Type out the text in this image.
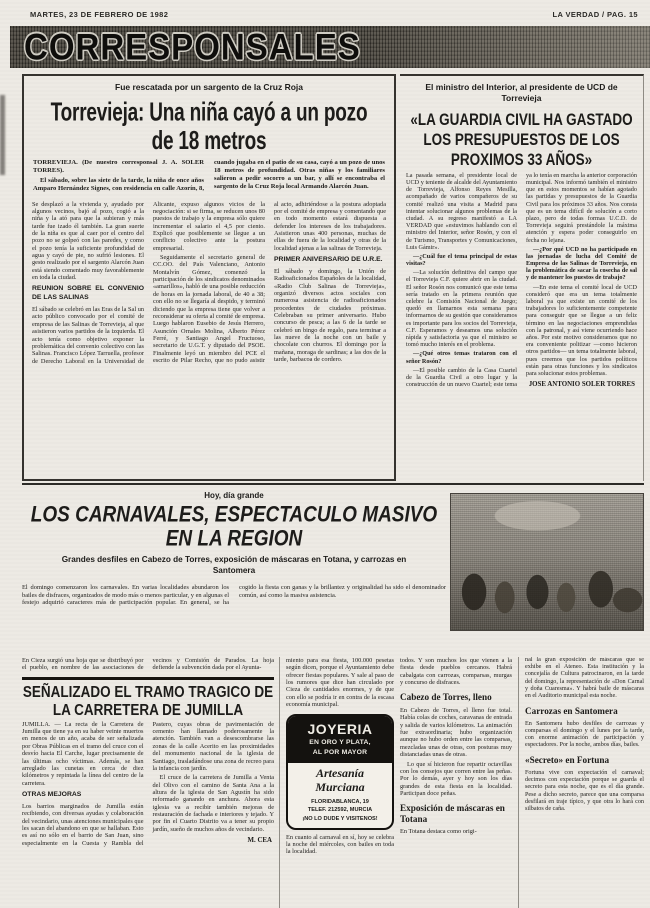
MARTES, 23 DE FEBRERO DE 1982	LA VERDAD / PAG. 15
CORRESPONSALES
Fue rescatada por un sargento de la Cruz Roja
Torrevieja: Una niña cayó a un pozo de 18 metros

TORREVIEJA. (De nuestro corresponsal J. A. SOLER TORRES).

El sábado, sobre las siete de la tarde, la niña de once años Amparo Hernández Signes, con residencia en calle Azorín, 8, cuando jugaba en el patio de su casa, cayó a un pozo de unos 18 metros de profundidad. Otras niñas y los familiares salieron a pedir socorro a un bar, y allí se encontraba el sargento de la Cruz Roja local Armando Alarcón Juan.

Se desplazó a la vivienda y, ayudado por algunos vecinos, bajó al pozo, cogió a la niña y la ató para que la subieran y más tarde fue izado él también. La gran suerte de la niña es que al caer por el centro del pozo no se golpeó con las paredes, y como el pozo tenía la suficiente profundidad de agua y cayó de pie, no sufrió lesiones. El gesto realizado por el sargento Alarcón Juan está siendo comentado muy favorablemente en toda la ciudad.

REUNION SOBRE EL CONVENIO DE LAS SALINAS

El sábado se celebró en las Eras de la Sal un acto público convocado por el comité de empresa de las Salinas de Torrevieja, al que asistieron varios partidos de la izquierda. El acto tenía como objetivo exponer la problemática del convenio colectivo con las Salinas. Francisco López Tarruella, profesor de Derecho Laboral en la Universidad de Alicante, expuso algunos vicios de la negociación: si se firma, se reducen unos 80 puestos de trabajo y la empresa sólo quiere incrementar el salario el 4,5 por ciento. Explicó que posiblemente se llegue a un conflicto colectivo ante la postura empresarial.

Seguidamente el secretario general de CC.OO. del País Valenciano, Antonio Montalvín Gómez, comenzó la participación de los sindicatos denominados «amarillos», habló de una posible reducción de horas en la jornada laboral, de 40 a 38; con ello no se llegaría al despido, y terminó diciendo que la empresa tiene que volver a reconsiderar su oferta al comité de empresa. Luego hablaron Eusebio de Jesús Herrero, Asunción Ornales Molina, Alberto Pérez Ferré, y Santiago Angel Fructuoso, secretario de U.G.T. y diputado del PSOE. Finalmente leyó un miembro del PCE el escrito de Pilar Recho, que no pudo asistir al acto, adhiriéndose a la postura adoptada por el comité de empresa y comentando que en todo momento estará dispuesta a defender los intereses de los trabajadores. Asistieron unas 400 personas, muchas de ellas de fuera de la localidad y otras de la localidad ajenas a las salinas de Torrevieja.

PRIMER ANIVERSARIO DE U.R.E.

El sábado y domingo, la Unión de Radioaficionados Españoles de la localidad, «Radio Club Salinas de Torrevieja», organizó diversos actos sociales con numerosa asistencia de radioaficionados procedentes de ciudades próximas. Celebraban su primer aniversario. Hubo concurso de pesca; a las 6 de la tarde se celebró un bingo de regalo, para terminar a las nueve de la noche con un baile y chocolate con churros. El domingo por la mañana, moraga de sardinas; a las dos de la tarde, barbacoa de cordero.

El ministro del Interior, al presidente de UCD de Torrevieja
«LA GUARDIA CIVIL HA GASTADO LOS PRESUPUESTOS DE LOS PROXIMOS 33 AÑOS»

La pasada semana, el presidente local de UCD y teniente de alcalde del Ayuntamiento de Torrevieja, Alfonso Reyes Mesilla, acompañado de varios compañeros de su comité realizó una visita a Madrid para intentar solucionar algunos problemas de la ciudad. A su regreso manifestó a LA VERDAD que «estuvimos hablando con el ministro del Interior, señor Rosón, y con el de Turismo, Transportes y Comunicaciones, Luis Gámir».

—¿Cuál fue el tema principal de estas visitas?

—La solución definitiva del campo que el Torrevieja C.F. quiere abrir en la ciudad. El señor Rosón nos comunicó que este tema sería tratado en la primera reunión que celebre la Comisión Nacional de Juego; quedó en llamarnos esta semana para informarnos de su gestión que consideramos es importante para los socios del Torrevieja, C.F. Esperamos y deseamos una solución rápida y satisfactoria ya que el ministro se tomó mucho interés en el problema.

—¿Qué otros temas trataron con el señor Rosón?

—El posible cambio de la Casa Cuartel de la Guardia Civil a otro lugar y la construcción de un nuevo Cuartel; este tema ya lo tenía en marcha la anterior corporación municipal. Nos informó también el ministro que en estos momentos se habían agotado las partidas y presupuestos de la Guardia Civil para los próximos 33 años. Nos consta que es un tema difícil de solución a corto plazo, pero de todas formas U.C.D. de Torrevieja seguirá prestándole la máxima atención y espera poder conseguirlo en fecha no lejana.

—¿Por qué UCD no ha participado en las jornadas de lucha del Comité de Empresa de las Salinas de Torrevieja, en la problemática de sacar la cosecha de sal y de mantener los puestos de trabajo?

—En este tema el comité local de UCD consideró que era un tema totalmente laboral ya que existe un comité de los trabajadores lo suficientemente competente para conseguir que se llegue a un feliz término en las negociaciones emprendidas con la patronal, y así viene ocurriendo hace años. Por este motivo consideramos que no era conveniente politizar —como hicieron otros partidos— un tema totalmente laboral, pues creemos que los partidos políticos están para otras funciones y los sindicatos para solucionar estos problemas.

JOSE ANTONIO SOLER TORRES
Hoy, día grande
LOS CARNAVALES, ESPECTACULO MASIVO EN LA REGION
Grandes desfiles en Cabezo de Torres, exposición de máscaras en Totana, y carrozas en Santomera

El domingo comenzaron los carnavales. En varias localidades abundaron los bailes de disfraces, organizados de modo más o menos particular, y en algunas el festejo adquirió caracteres más de participación popular. En general, se ha cogido la fiesta con ganas y la brillantez y originalidad ha sido el denominador común, así como la masiva asistencia.

En Cieza surgió una hoja que se distribuyó por el pueblo, en nombre de las asociaciones de vecinos y Comisión de Parados. La hoja defiende la subvención dada por el Ayunta-

SEÑALIZADO EL TRAMO TRAGICO DE LA CARRETERA DE JUMILLA

JUMILLA. — La recta de la Carretera de Jumilla que tiene ya en su haber veinte muertos en menos de un año, acaba de ser señalizada por Obras Públicas en el tramo del cruce con el desvío hacia El Carche, lugar precisamente de las últimas ocho víctimas. Además, se han arreglado las cunetas en cerca de diez kilómetros y repintada la línea del centro de la carretera.

OTRAS MEJORAS

Los barrios marginados de Jumilla están recibiendo, con diversas ayudas y colaboración del vecindario, unas atenciones municipales que les sacan del abandono en que se hallaban. Esto es así no sólo en el barrio de San Juan, sino especialmente en la Cuesta y Rambla del Pastero, cuyas obras de pavimentación de cemento han llamado poderosamente la atención. También van a desescombrarse las zonas de la calle Acerito en las proximidades del monumento nacional de la iglesia de Santiago, trasladándose una zona de recreo para la infancia con jardín.

El cruce de la carretera de Jumilla a Venta del Olivo con el camino de Santa Ana a la altura de la iglesia de San Agustín ha sido reformado ganando en anchura. Ahora esta iglesia va a recibir también mejoras de restauración de fachada e interiores y tejado. Y por fin el Cuarto Distrito va a tener su propio jardín, sueño de muchos años de vecindario.

M. CEA

miento para esa fiesta, 100.000 pesetas según dicen, porque el Ayuntamiento debe ofrecer fiestas populares. Y sale al paso de los rumores que dice han circulado por Cieza de cantidades enormes, y de que con ello se podría ir en contra de la escasa economía municipal.

JOYERIA
EN ORO Y PLATA,
AL POR MAYOR
Artesanía
Murciana
FLORIDABLANCA, 19
TELEF. 212592, MURCIA
¡NO LO DUDE Y VISITENOS!

En cuanto al carnaval en sí, hoy se celebra la noche del miércoles, con bailes en toda la localidad.

todos. Y son muchos los que vienen a la fiesta desde pueblos cercanos. Habrá cabalgata con carrozas, comparsas, murgas y concurso de disfraces.

Cabezo de Torres, lleno

En Cabezo de Torres, el lleno fue total. Había colas de coches, caravanas de entrada y salida de varios kilómetros. La animación fue extraordinaria; hubo organización aunque no hubo orden entre las comparsas, mezcladas unas de otras, con posturas muy distanciadas unas de otras.

Lo que sí hicieron fue repartir octavillas con los consejos que corren entre las peñas. Por lo demás, ayer y hoy son los días grandes de esta fiesta en la localidad. Participan doce peñas.

Exposición de máscaras en Totana

En Totana destaca como origi-

nal la gran exposición de máscaras que se exhibe en el Ateneo. Esta institución y la concejalía de Cultura patrocinaron, en la tarde del domingo, la representación de «Don Carnal y doña Cuaresma». Y habrá baile de máscaras en el Auditorio municipal esta noche.

Carrozas en Santomera

En Santomera hubo desfiles de carrozas y comparsas el domingo y el lunes por la tarde, con enorme animación de participación y espectadores. Por la noche, ambos días, bailes.

«Secreto» en Fortuna

Fortuna vive con expectación el carnaval; decimos con expectación porque se guarda el secreto para esta noche, que es el día grande. Pese a dicho secreto, parece que una comparsa desfilará en traje típico, y que otra lo hará con silbatos de caña.
